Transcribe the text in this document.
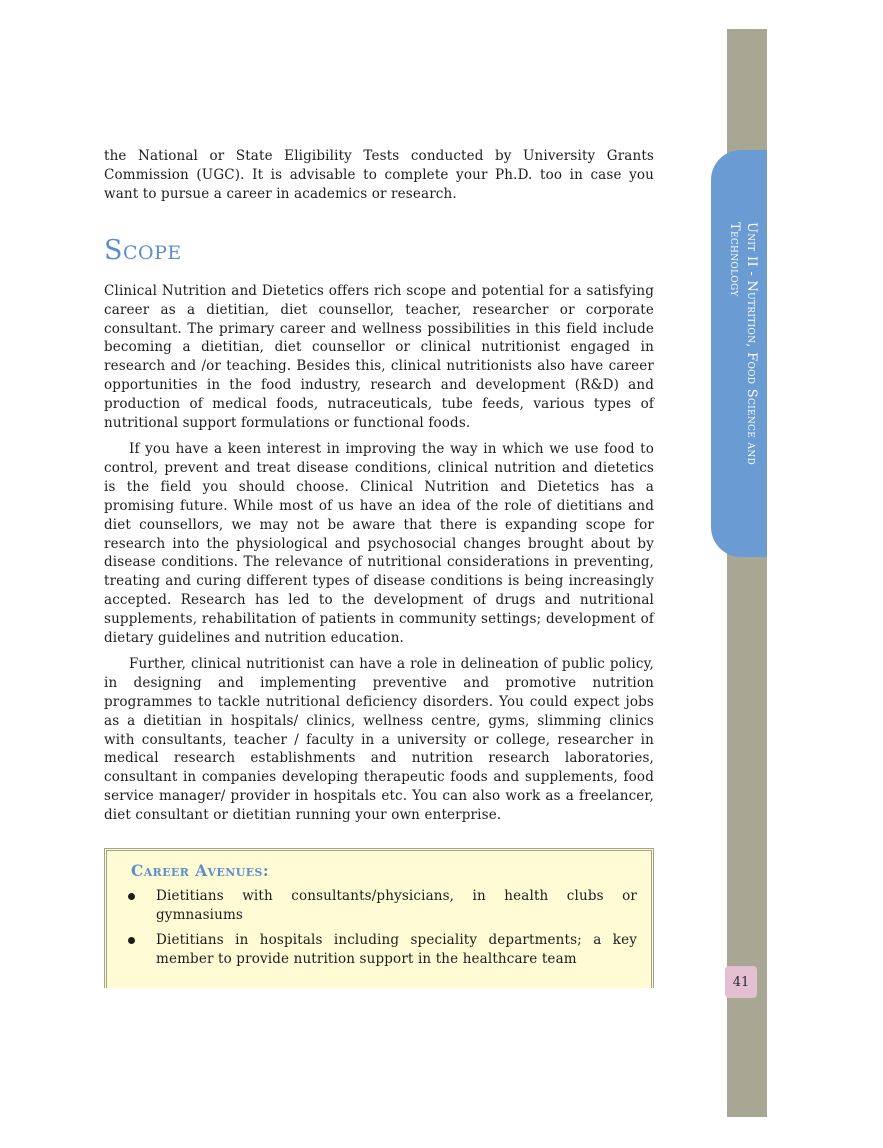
Unit II - Nutrition, Food Science and Technology
41

the National or State Eligibility Tests conducted by University Grants Commission (UGC). It is advisable to complete your Ph.D. too in case you want to pursue a career in academics or research.

Scope

Clinical Nutrition and Dietetics offers rich scope and potential for a satisfying career as a dietitian, diet counsellor, teacher, researcher or corporate consultant. The primary career and wellness possibilities in this field include becoming a dietitian, diet counsellor or clinical nutritionist engaged in research and /or teaching. Besides this, clinical nutritionists also have career opportunities in the food industry, research and development (R&D) and production of medical foods, nutraceuticals, tube feeds, various types of nutritional support formulations or functional foods.

If you have a keen interest in improving the way in which we use food to control, prevent and treat disease conditions, clinical nutrition and dietetics is the field you should choose. Clinical Nutrition and Dietetics has a promising future. While most of us have an idea of the role of dietitians and diet counsellors, we may not be aware that there is expanding scope for research into the physiological and psychosocial changes brought about by disease conditions. The relevance of nutritional considerations in preventing, treating and curing different types of disease conditions is being increasingly accepted. Research has led to the development of drugs and nutritional supplements, rehabilitation of patients in community settings; development of dietary guidelines and nutrition education.

Further, clinical nutritionist can have a role in delineation of public policy, in designing and implementing preventive and promotive nutrition programmes to tackle nutritional deficiency disorders. You could expect jobs as a dietitian in hospitals/ clinics, wellness centre, gyms, slimming clinics with consultants, teacher / faculty in a university or college, researcher in medical research establishments and nutrition research laboratories, consultant in companies developing therapeutic foods and supplements, food service manager/ provider in hospitals etc. You can also work as a freelancer, diet consultant or dietitian running your own enterprise.

Career Avenues:
Dietitians with consultants/physicians, in health clubs or gymnasiums
Dietitians in hospitals including speciality departments; a key member to provide nutrition support in the healthcare team
